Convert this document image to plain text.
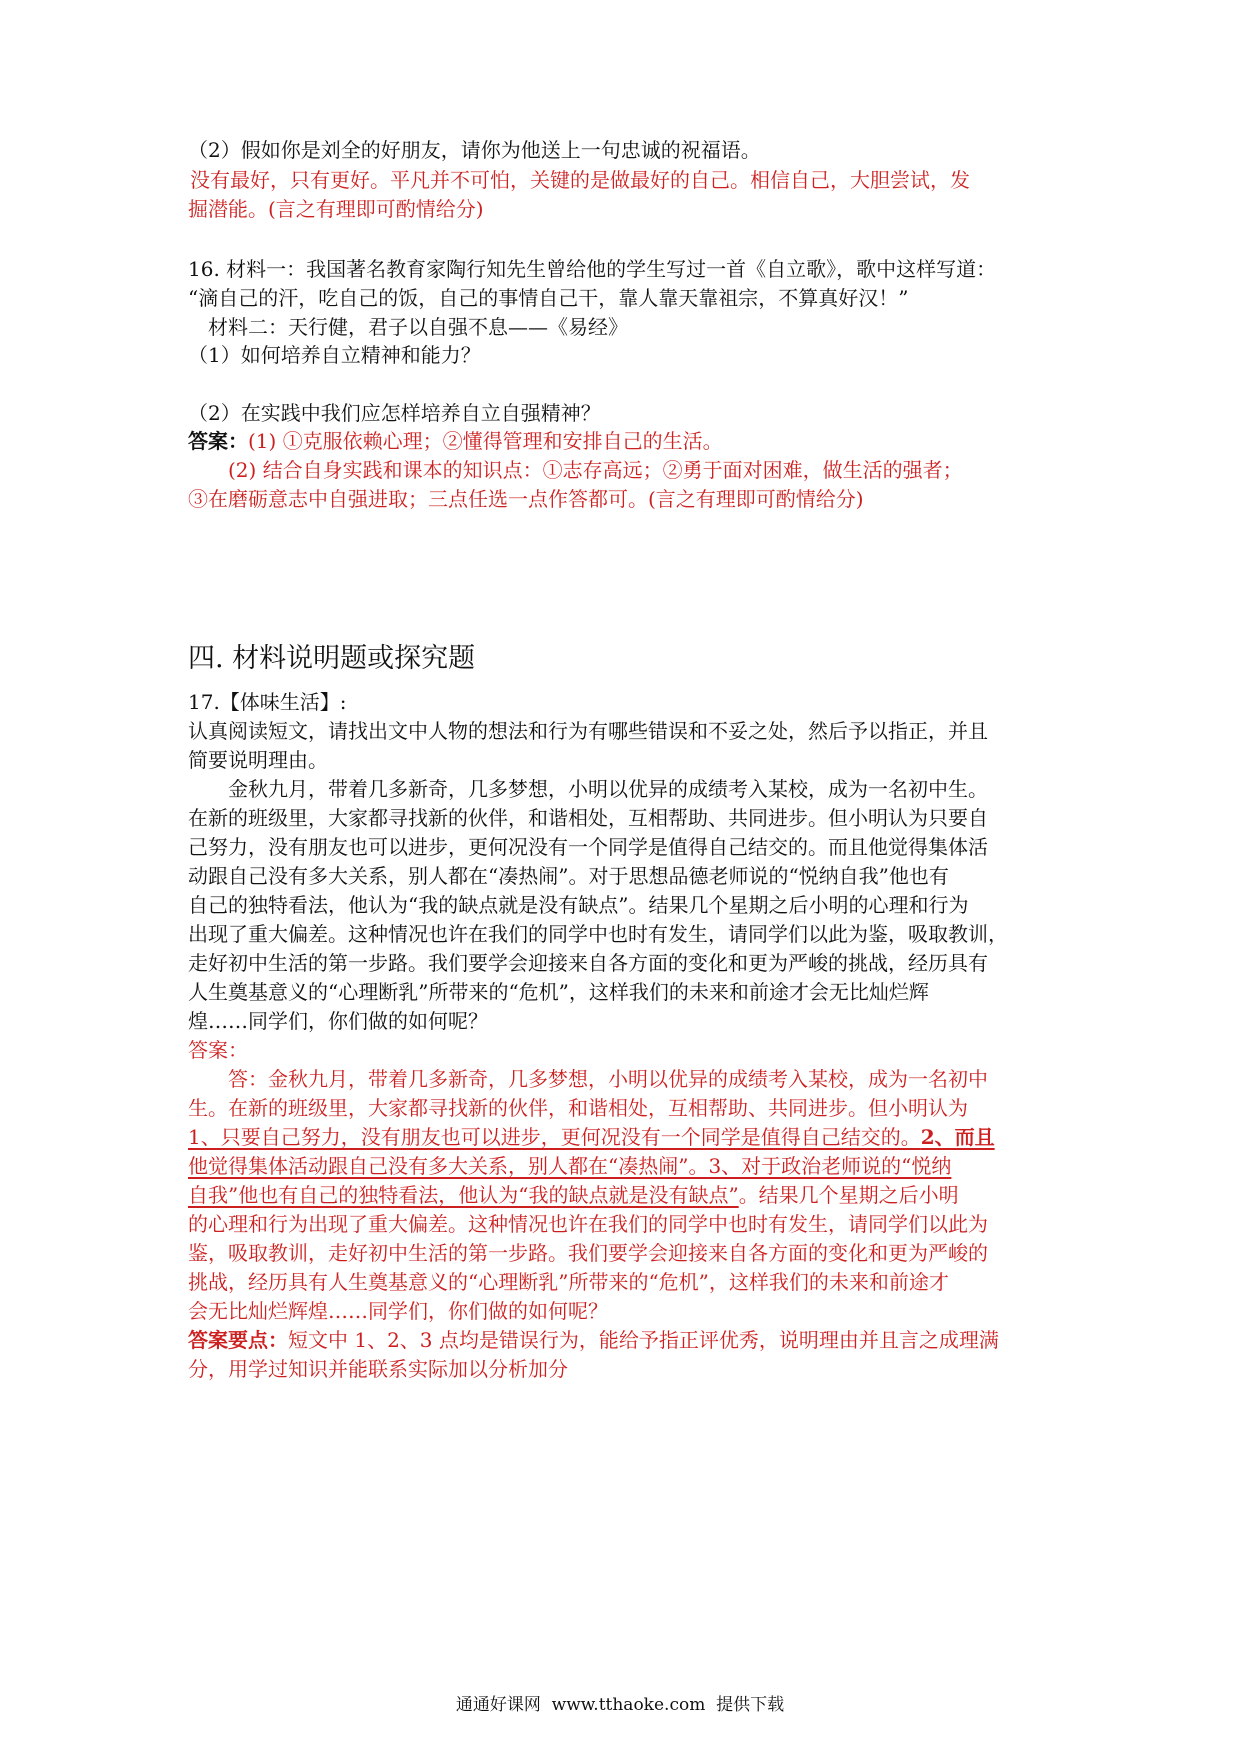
（2）假如你是刘全的好朋友，请你为他送上一句忠诚的祝福语。
没有最好，只有更好。平凡并不可怕，关键的是做最好的自己。相信自己，大胆尝试，发
掘潜能。(言之有理即可酌情给分)
16. 材料一：我国著名教育家陶行知先生曾给他的学生写过一首《自立歌》，歌中这样写道：
“滴自己的汗，吃自己的饭，自己的事情自己干，靠人靠天靠祖宗，不算真好汉！”
材料二：天行健，君子以自强不息——《易经》
（1）如何培养自立精神和能力？
（2）在实践中我们应怎样培养自立自强精神？
答案：(1) ①克服依赖心理；②懂得管理和安排自己的生活。
(2) 结合自身实践和课本的知识点：①志存高远；②勇于面对困难，做生活的强者；
③在磨砺意志中自强进取；三点任选一点作答都可。(言之有理即可酌情给分)
四. 材料说明题或探究题
17.【体味生活】:
认真阅读短文，请找出文中人物的想法和行为有哪些错误和不妥之处，然后予以指正，并且
简要说明理由。
金秋九月，带着几多新奇，几多梦想，小明以优异的成绩考入某校，成为一名初中生。
在新的班级里，大家都寻找新的伙伴，和谐相处，互相帮助、共同进步。但小明认为只要自
己努力，没有朋友也可以进步，更何况没有一个同学是值得自己结交的。而且他觉得集体活
动跟自己没有多大关系，别人都在“凑热闹”。对于思想品德老师说的“悦纳自我”他也有
自己的独特看法，他认为“我的缺点就是没有缺点”。结果几个星期之后小明的心理和行为
出现了重大偏差。这种情况也许在我们的同学中也时有发生，请同学们以此为鉴，吸取教训，
走好初中生活的第一步路。我们要学会迎接来自各方面的变化和更为严峻的挑战，经历具有
人生奠基意义的“心理断乳”所带来的“危机”，这样我们的未来和前途才会无比灿烂辉
煌……同学们，你们做的如何呢？
答案：
答：金秋九月，带着几多新奇，几多梦想，小明以优异的成绩考入某校，成为一名初中
生。在新的班级里，大家都寻找新的伙伴，和谐相处，互相帮助、共同进步。但小明认为
1、只要自己努力，没有朋友也可以进步，更何况没有一个同学是值得自己结交的。2、而且
他觉得集体活动跟自己没有多大关系，别人都在“凑热闹”。3、对于政治老师说的“悦纳
自我”他也有自己的独特看法，他认为“我的缺点就是没有缺点”。结果几个星期之后小明
的心理和行为出现了重大偏差。这种情况也许在我们的同学中也时有发生，请同学们以此为
鉴，吸取教训，走好初中生活的第一步路。我们要学会迎接来自各方面的变化和更为严峻的
挑战，经历具有人生奠基意义的“心理断乳”所带来的“危机”，这样我们的未来和前途才
会无比灿烂辉煌……同学们，你们做的如何呢？
答案要点：短文中 1、2、3 点均是错误行为，能给予指正评优秀，说明理由并且言之成理满
分，用学过知识并能联系实际加以分析加分
通通好课网 www.tthaoke.com 提供下载
